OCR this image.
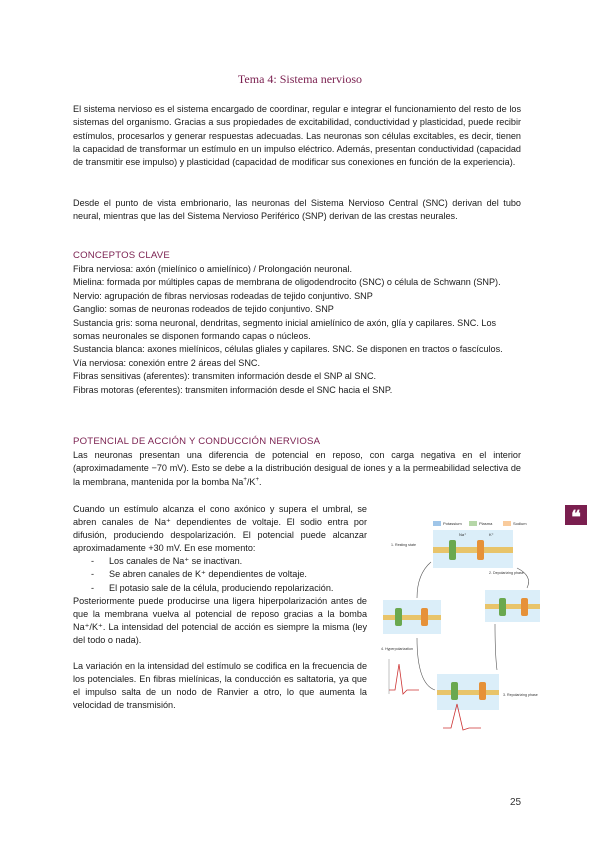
Tema 4: Sistema nervioso

El sistema nervioso es el sistema encargado de coordinar, regular e integrar el funcionamiento del resto de los sistemas del organismo. Gracias a sus propiedades de excitabilidad, conductividad y plasticidad, puede recibir estímulos, procesarlos y generar respuestas adecuadas. Las neuronas son células excitables, es decir, tienen la capacidad de transformar un estímulo en un impulso eléctrico. Además, presentan conductividad (capacidad de transmitir ese impulso) y plasticidad (capacidad de modificar sus conexiones en función de la experiencia).

Desde el punto de vista embrionario, las neuronas del Sistema Nervioso Central (SNC) derivan del tubo neural, mientras que las del Sistema Nervioso Periférico (SNP) derivan de las crestas neurales.

CONCEPTOS CLAVE
Fibra nerviosa: axón (mielínico o amielínico) / Prolongación neuronal.
Mielina: formada por múltiples capas de membrana de oligodendrocito (SNC) o célula de Schwann (SNP).
Nervio: agrupación de fibras nerviosas rodeadas de tejido conjuntivo. SNP
Ganglio: somas de neuronas rodeados de tejido conjuntivo. SNP
Sustancia gris: soma neuronal, dendritas, segmento inicial amielínico de axón, glía y capilares. SNC. Los somas neuronales se disponen formando capas o núcleos.
Sustancia blanca: axones mielínicos, células gliales y capilares. SNC. Se disponen en tractos o fascículos.
Vía nerviosa: conexión entre 2 áreas del SNC.
Fibras sensitivas (aferentes): transmiten información desde el SNP al SNC.
Fibras motoras (eferentes): transmiten información desde el SNC hacia el SNP.
POTENCIAL DE ACCIÓN Y CONDUCCIÓN NERVIOSA

Las neuronas presentan una diferencia de potencial en reposo, con carga negativa en el interior (aproximadamente −70 mV). Esto se debe a la distribución desigual de iones y a la permeabilidad selectiva de la membrana, mantenida por la bomba Na+/K+.

Cuando un estímulo alcanza el cono axónico y supera el umbral, se abren canales de Na⁺ dependientes de voltaje. El sodio entra por difusión, produciendo despolarización. El potencial puede alcanzar aproximadamente +30 mV. En ese momento:

- Los canales de Na⁺ se inactivan.
- Se abren canales de K⁺ dependientes de voltaje.
- El potasio sale de la célula, produciendo repolarización.

Posteriormente puede producirse una ligera hiperpolarización antes de que la membrana vuelva al potencial de reposo gracias a la bomba Na⁺/K⁺. La intensidad del potencial de acción es siempre la misma (ley del todo o nada).

La variación en la intensidad del estímulo se codifica en la frecuencia de los potenciales. En fibras mielínicas, la conducción es saltatoria, ya que el impulso salta de un nodo de Ranvier a otro, lo que aumenta la velocidad de transmisión.

Potassium	Plasma	Sodium
Na⁺	K⁺
1. Resting state
2. Depolarizing phase
4. Hyperpolarization
3. Repolarizing phase
❝
25
